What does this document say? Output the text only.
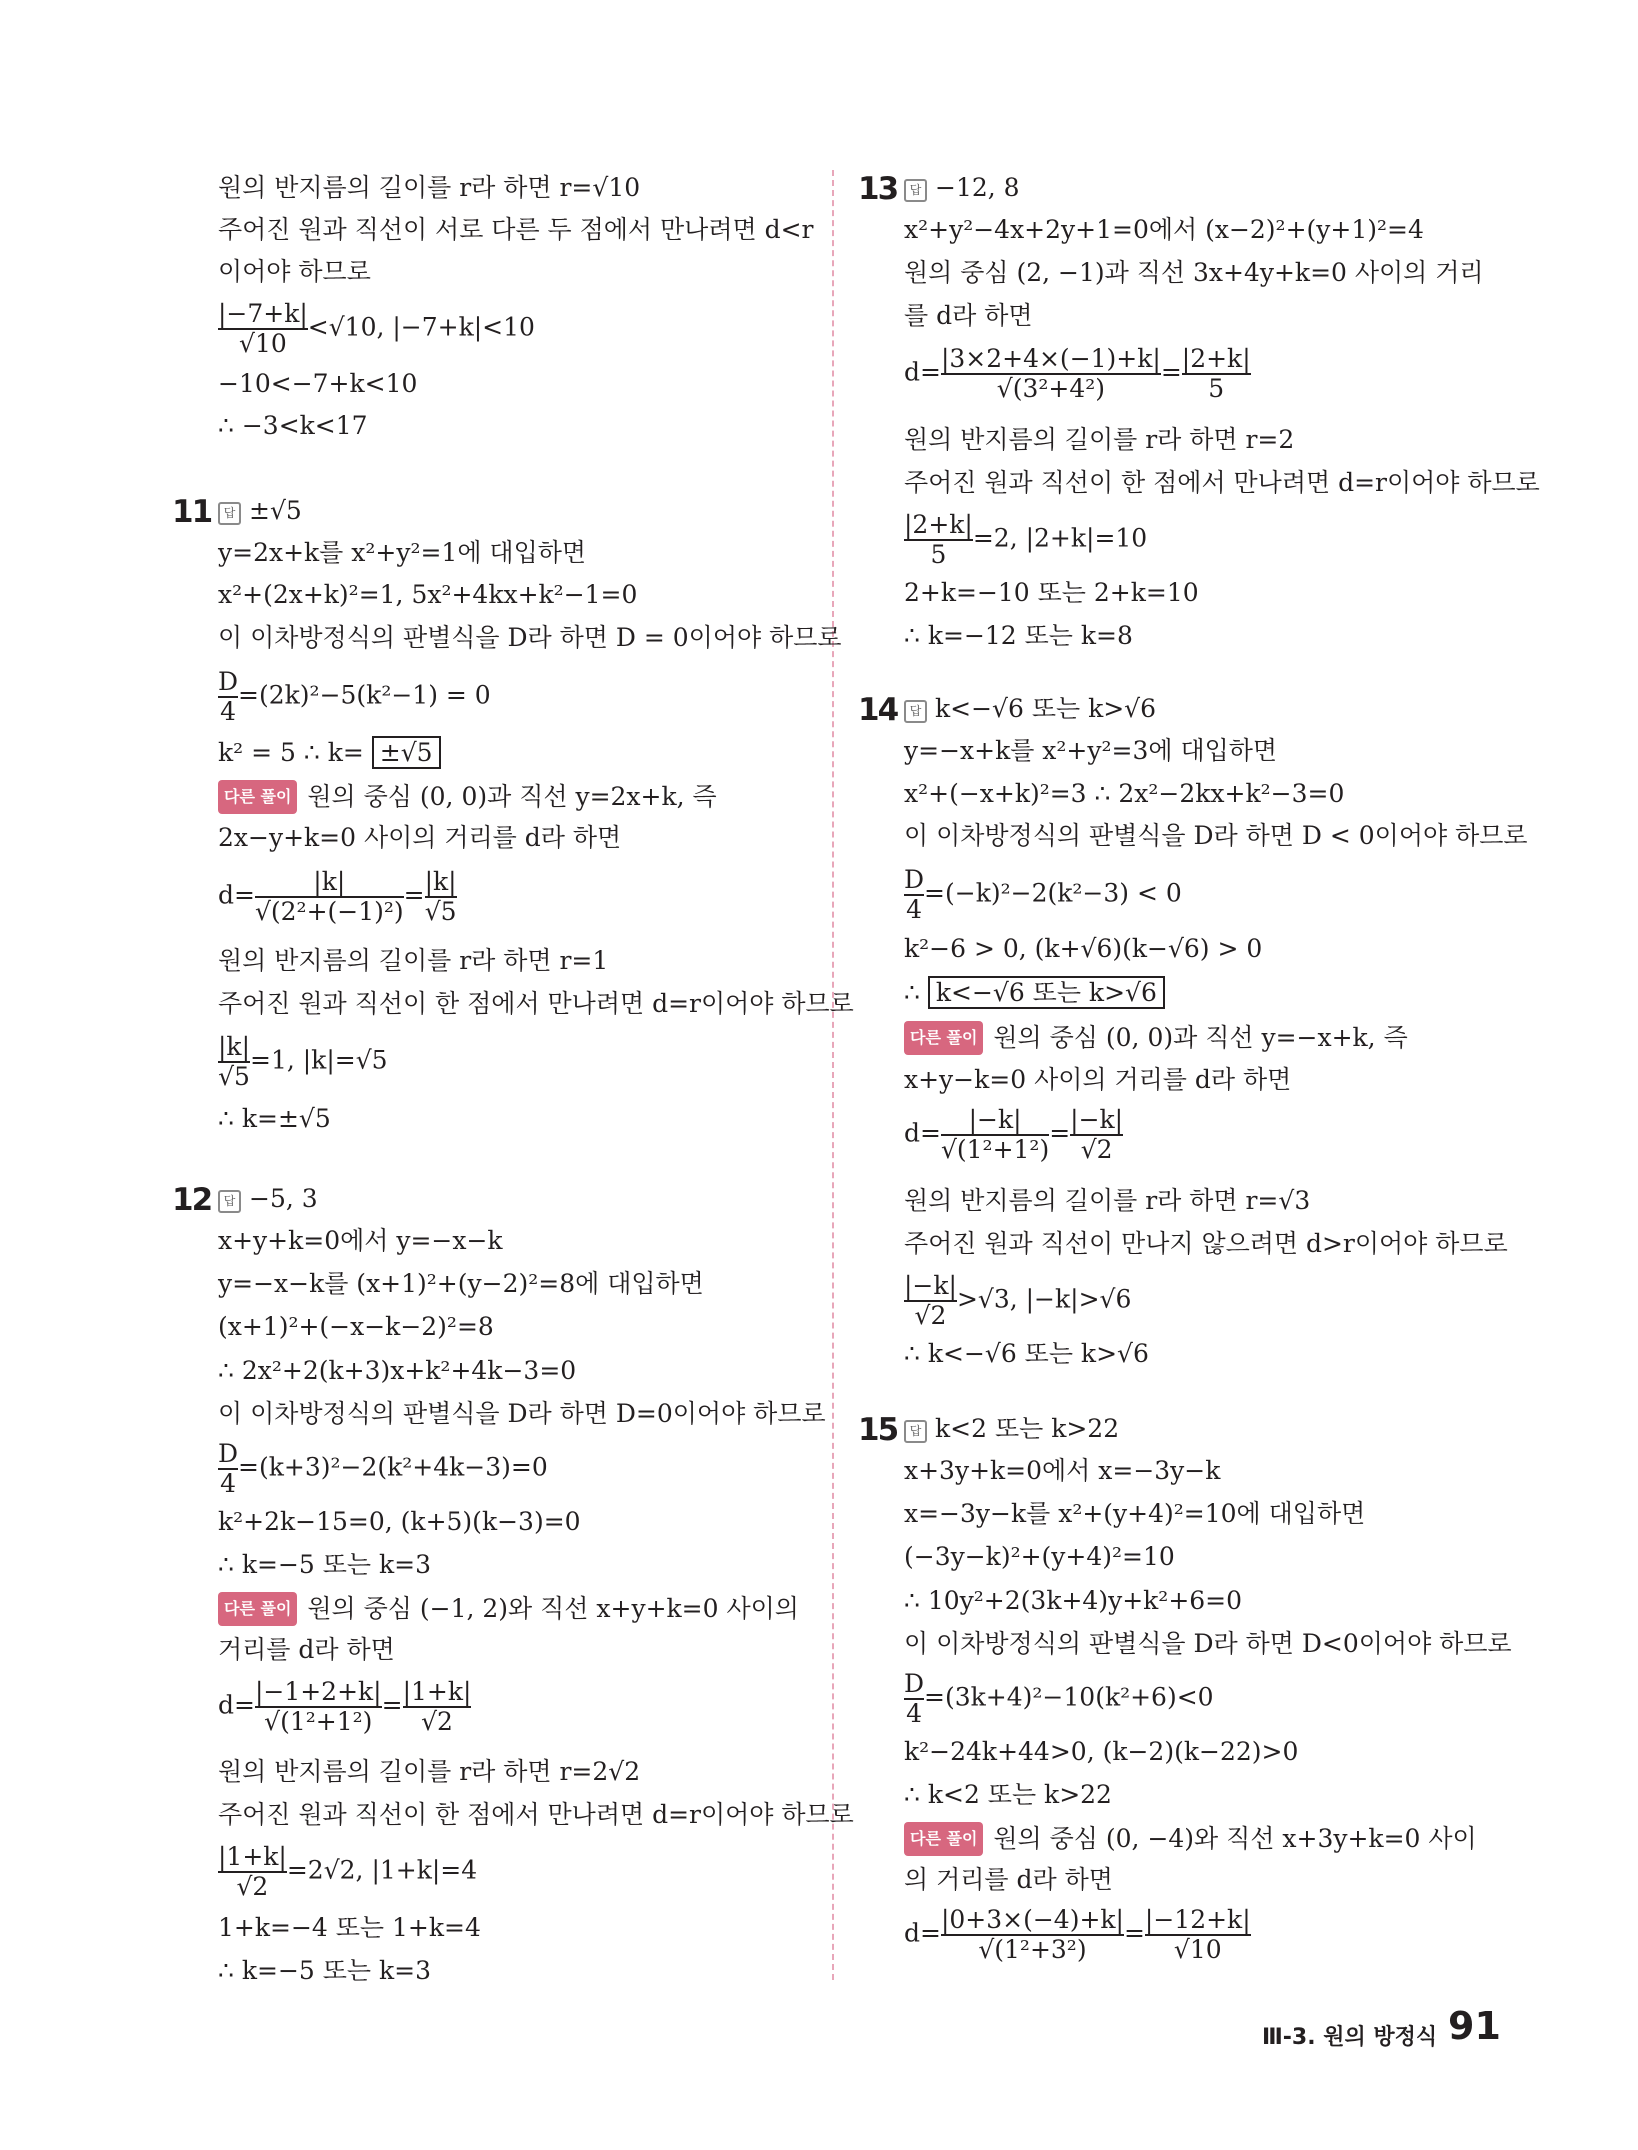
원의 반지름의 길이를 r라 하면 r=√10
주어진 원과 직선이 서로 다른 두 점에서 만나려면 d<r
이어야 하므로
$\frac{|-7+k|}{√10} <√10$, |−7+k|<10
−10<−7+k<10
∴ −3<k<17
11	답 ±√5
y=2x+k를 x²+y²=1에 대입하면
x²+(2x+k)²=1, 5x²+4kx+k²−1=0
이 이차방정식의 판별식을 D라 하면 D = 0이어야 하므로
$\frac{D}{4} =(2k)^2-5(k^2-1) = 0$
k² = 5 ∴ k= ±√5
다른 풀이 원의 중심 (0, 0)과 직선 y=2x+k, 즉
2x−y+k=0 사이의 거리를 d라 하면
$d= \frac{|k|}{\text{√(2²+(−1)²)}} = \frac{|k|}{√5}$
원의 반지름의 길이를 r라 하면 r=1
주어진 원과 직선이 한 점에서 만나려면 d=r이어야 하므로
$\frac{|k|}{√5} =1$, |k|=√5
∴ k=±√5
12	답 −5, 3
x+y+k=0에서 y=−x−k
y=−x−k를 (x+1)²+(y−2)²=8에 대입하면
(x+1)²+(−x−k−2)²=8
∴ 2x²+2(k+3)x+k²+4k−3=0
이 이차방정식의 판별식을 D라 하면 D=0이어야 하므로
$\frac{D}{4} =(k+3)^2-2(k^2+4k-3)=0$
k²+2k−15=0, (k+5)(k−3)=0
∴ k=−5 또는 k=3
다른 풀이 원의 중심 (−1, 2)와 직선 x+y+k=0 사이의
거리를 d라 하면
$d= \frac{|-1+2+k|}{\text{√(1²+1²)}} = \frac{|1+k|}{√2}$
원의 반지름의 길이를 r라 하면 r=2√2
주어진 원과 직선이 한 점에서 만나려면 d=r이어야 하므로
$\frac{|1+k|}{√2} =2√2$, |1+k|=4
1+k=−4 또는 1+k=4
∴ k=−5 또는 k=3
13	답 −12, 8
x²+y²−4x+2y+1=0에서 (x−2)²+(y+1)²=4
원의 중심 (2, −1)과 직선 3x+4y+k=0 사이의 거리
를 d라 하면
$d= \frac{|3\times 2+4\times(-1)+k|}{\text{√(3²+4²)}} = \frac{|2+k|}{5}$
원의 반지름의 길이를 r라 하면 r=2
주어진 원과 직선이 한 점에서 만나려면 d=r이어야 하므로
$\frac{|2+k|}{5} =2$, |2+k|=10
2+k=−10 또는 2+k=10
∴ k=−12 또는 k=8
14	답 k<−√6 또는 k>√6
y=−x+k를 x²+y²=3에 대입하면
x²+(−x+k)²=3 ∴ 2x²−2kx+k²−3=0
이 이차방정식의 판별식을 D라 하면 D < 0이어야 하므로
$\frac{D}{4} =(-k)^2-2(k^2-3) < 0$
k²−6 > 0, (k+√6)(k−√6) > 0
∴ k<−√6 또는 k>√6
다른 풀이 원의 중심 (0, 0)과 직선 y=−x+k, 즉
x+y−k=0 사이의 거리를 d라 하면
$d= \frac{|-k|}{\text{√(1²+1²)}} = \frac{|-k|}{√2}$
원의 반지름의 길이를 r라 하면 r=√3
주어진 원과 직선이 만나지 않으려면 d>r이어야 하므로
$\frac{|-k|}{√2} >√3$, |−k|>√6
∴ k<−√6 또는 k>√6
15	답 k<2 또는 k>22
x+3y+k=0에서 x=−3y−k
x=−3y−k를 x²+(y+4)²=10에 대입하면
(−3y−k)²+(y+4)²=10
∴ 10y²+2(3k+4)y+k²+6=0
이 이차방정식의 판별식을 D라 하면 D<0이어야 하므로
$\frac{D}{4} =(3k+4)^2-10(k^2+6)<0$
k²−24k+44>0, (k−2)(k−22)>0
∴ k<2 또는 k>22
다른 풀이 원의 중심 (0, −4)와 직선 x+3y+k=0 사이
의 거리를 d라 하면
$d= \frac{|0+3\times(-4)+k|}{\text{√(1²+3²)}} = \frac{|-12+k|}{√10}$
Ⅲ-3. 원의 방정식 91
